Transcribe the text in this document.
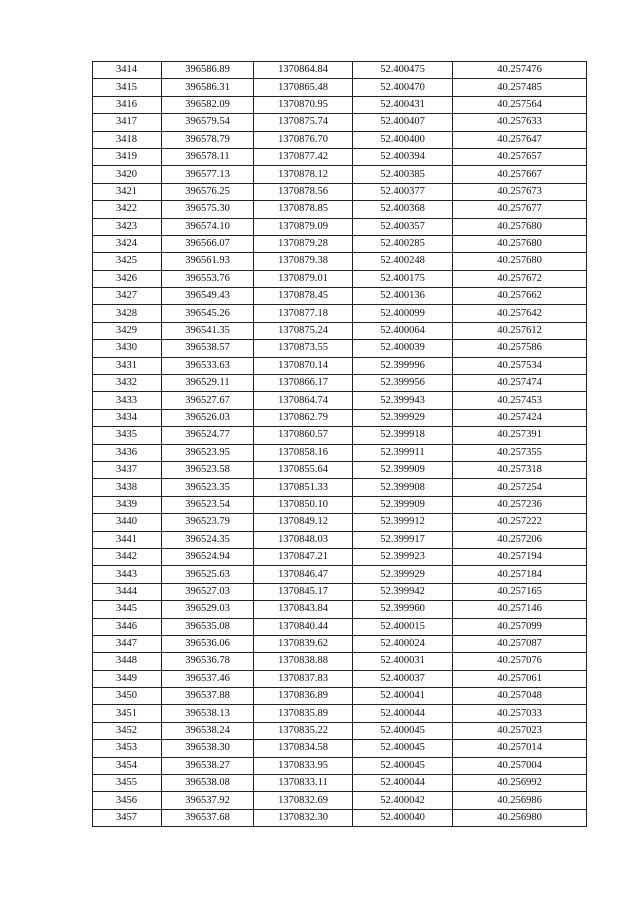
3414	396586.89	1370864.84	52.400475	40.257476
3415	396586.31	1370865.48	52.400470	40.257485
3416	396582.09	1370870.95	52.400431	40.257564
3417	396579.54	1370875.74	52.400407	40.257633
3418	396578.79	1370876.70	52.400400	40.257647
3419	396578.11	1370877.42	52.400394	40.257657
3420	396577.13	1370878.12	52.400385	40.257667
3421	396576.25	1370878.56	52.400377	40.257673
3422	396575.30	1370878.85	52.400368	40.257677
3423	396574.10	1370879.09	52.400357	40.257680
3424	396566.07	1370879.28	52.400285	40.257680
3425	396561.93	1370879.38	52.400248	40.257680
3426	396553.76	1370879.01	52.400175	40.257672
3427	396549.43	1370878.45	52.400136	40.257662
3428	396545.26	1370877.18	52.400099	40.257642
3429	396541.35	1370875.24	52.400064	40.257612
3430	396538.57	1370873.55	52.400039	40.257586
3431	396533.63	1370870.14	52.399996	40.257534
3432	396529.11	1370866.17	52.399956	40.257474
3433	396527.67	1370864.74	52.399943	40.257453
3434	396526.03	1370862.79	52.399929	40.257424
3435	396524.77	1370860.57	52.399918	40.257391
3436	396523.95	1370858.16	52.399911	40.257355
3437	396523.58	1370855.64	52.399909	40.257318
3438	396523.35	1370851.33	52.399908	40.257254
3439	396523.54	1370850.10	52.399909	40.257236
3440	396523.79	1370849.12	52.399912	40.257222
3441	396524.35	1370848.03	52.399917	40.257206
3442	396524.94	1370847.21	52.399923	40.257194
3443	396525.63	1370846.47	52.399929	40.257184
3444	396527.03	1370845.17	52.399942	40.257165
3445	396529.03	1370843.84	52.399960	40.257146
3446	396535.08	1370840.44	52.400015	40.257099
3447	396536.06	1370839.62	52.400024	40.257087
3448	396536.78	1370838.88	52.400031	40.257076
3449	396537.46	1370837.83	52.400037	40.257061
3450	396537.88	1370836.89	52.400041	40.257048
3451	396538.13	1370835.89	52.400044	40.257033
3452	396538.24	1370835.22	52.400045	40.257023
3453	396538.30	1370834.58	52.400045	40.257014
3454	396538.27	1370833.95	52.400045	40.257004
3455	396538.08	1370833.11	52.400044	40.256992
3456	396537.92	1370832.69	52.400042	40.256986
3457	396537.68	1370832.30	52.400040	40.256980
